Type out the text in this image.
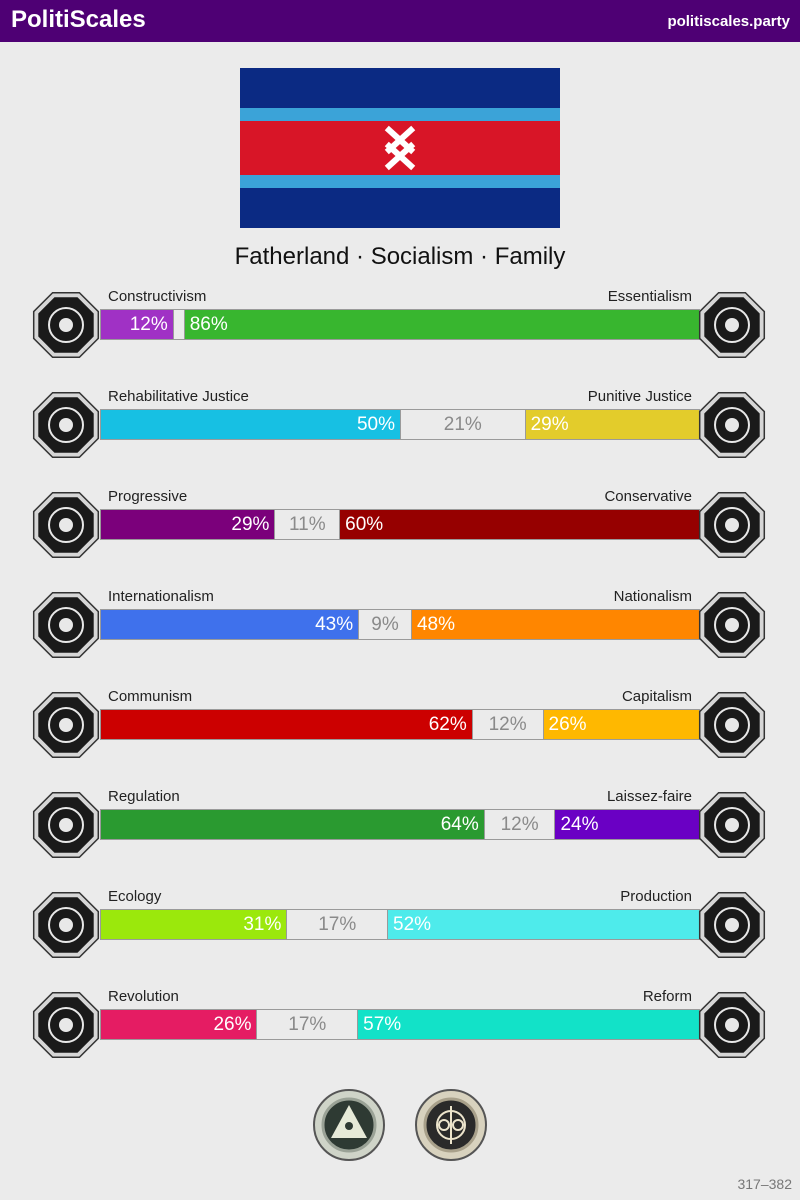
PolitiScales	politiscales.party
Fatherland · Socialism · Family
Constructivism	Essentialism
12% 86%
Rehabilitative Justice	Punitive Justice
50%	21%	29%
Progressive	Conservative
29%	11%	60%
Internationalism	Nationalism
43% 9% 48%
Communism	Capitalism
62%	12%	26%
Regulation	Laissez-faire
64%	12%	24%
Ecology	Production
31%	17%	52%
Revolution	Reform
26%	17%	57%
317–382
